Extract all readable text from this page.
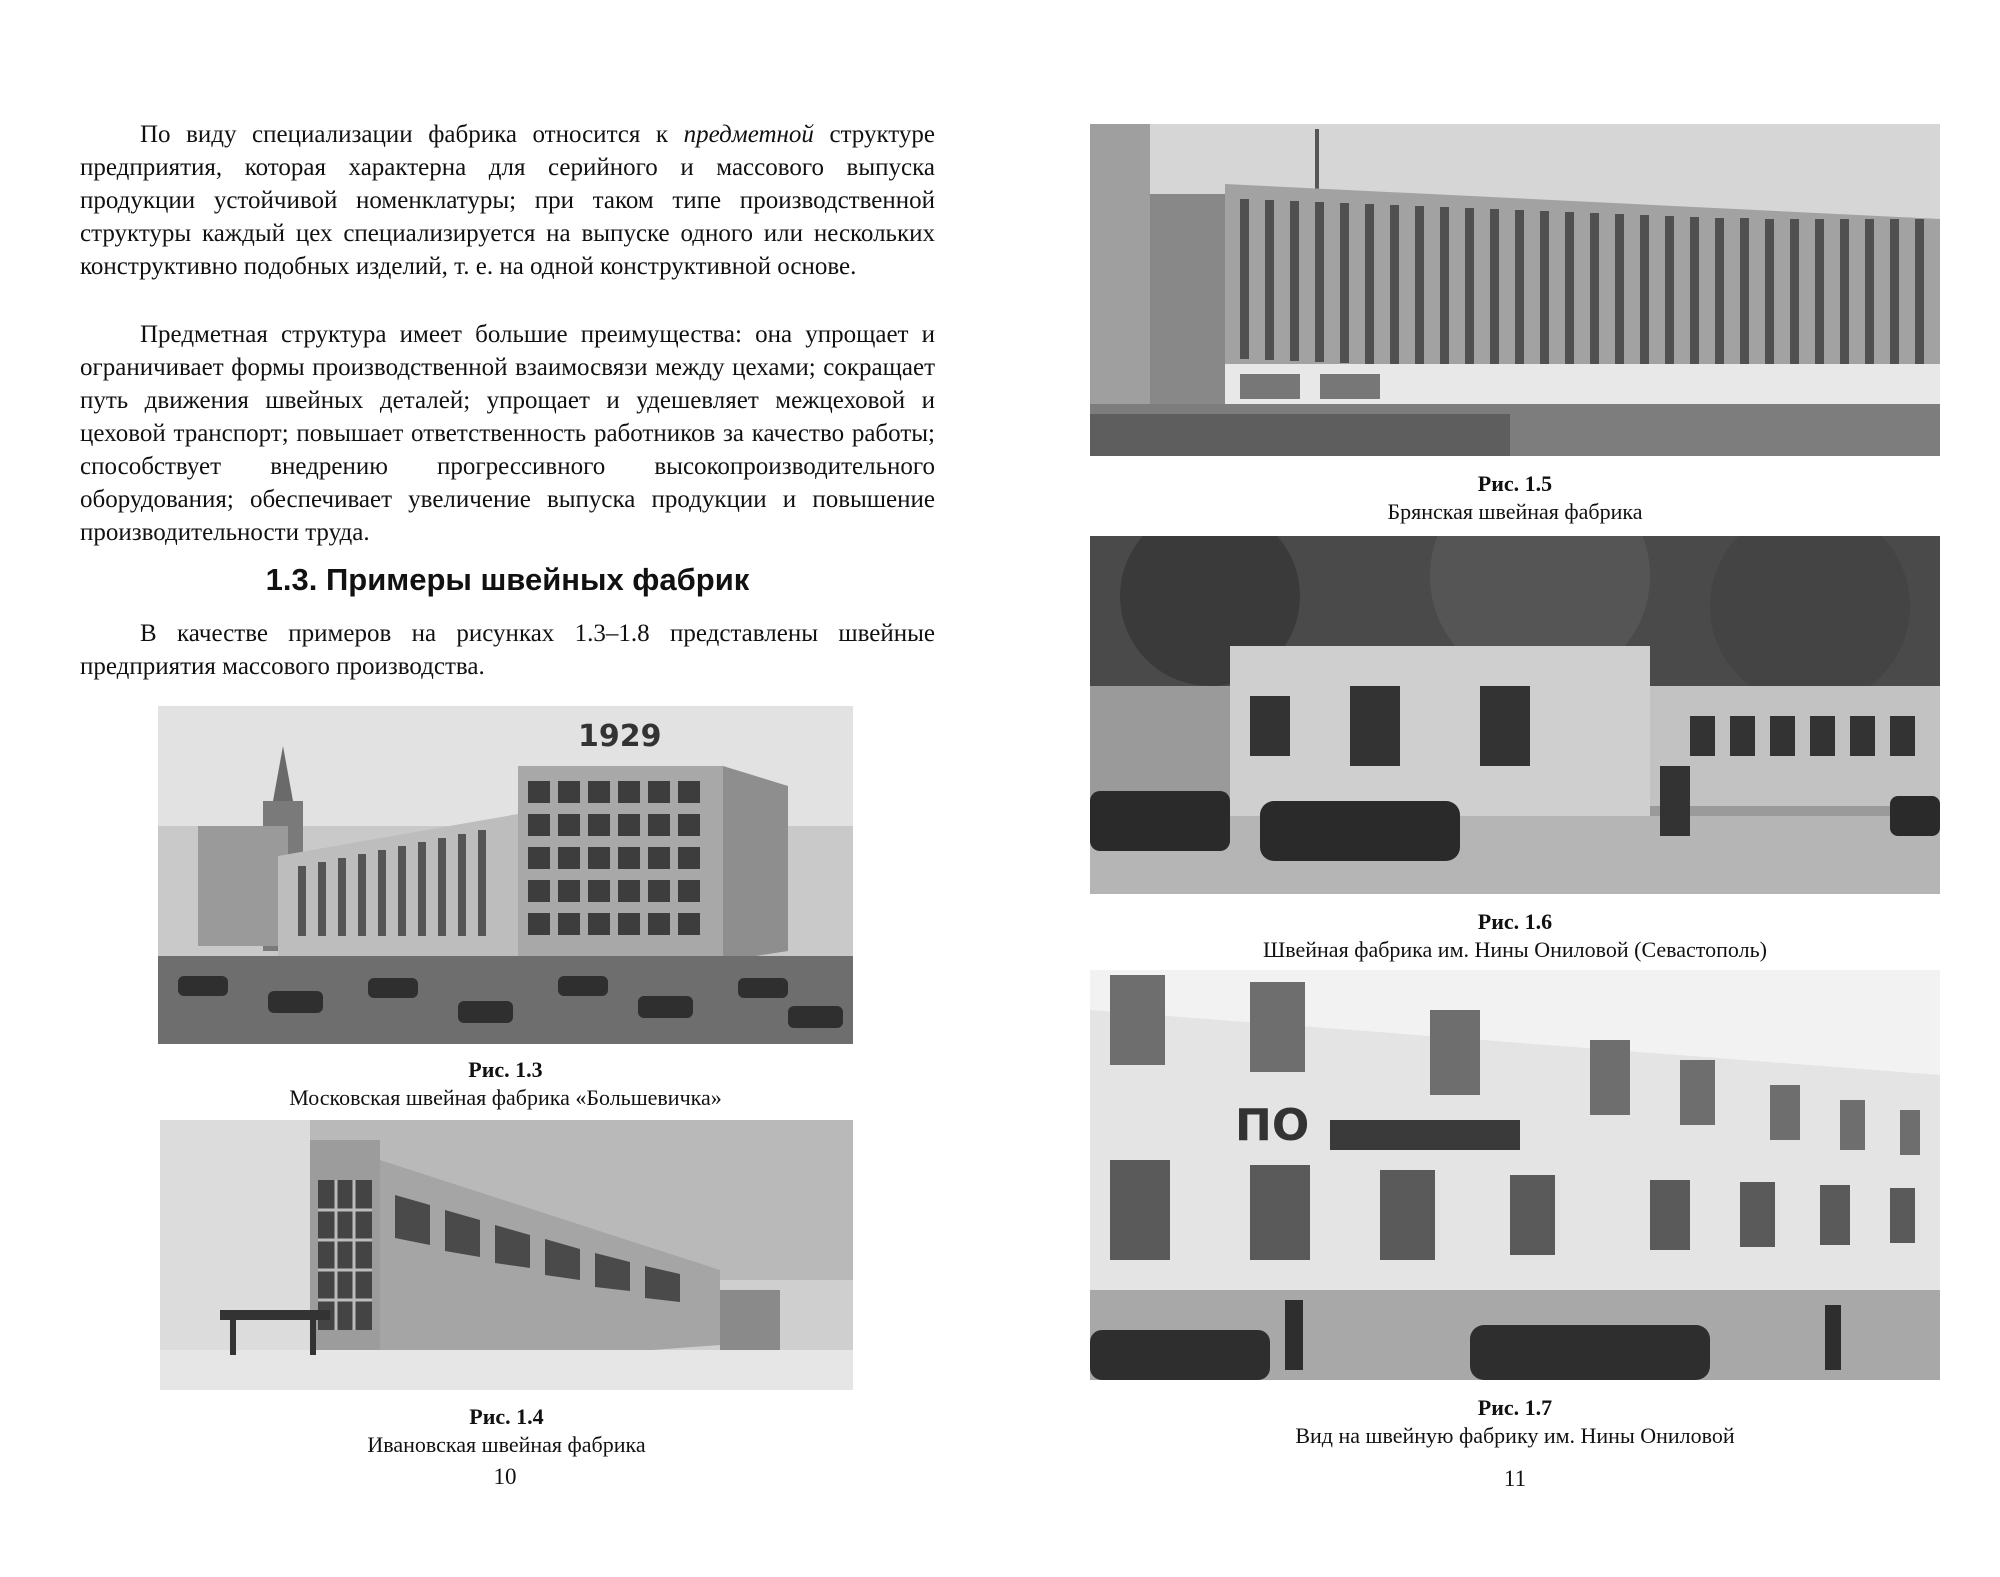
По виду специализации фабрика относится к предметной структуре предприятия, которая характерна для серийного и массового выпуска продукции устойчивой номенклатуры; при таком типе производственной структуры каждый цех специализируется на выпуске одного или нескольких конструктивно подобных изделий, т. е. на одной конструктивной основе.

Предметная структура имеет большие преимущества: она упрощает и ограничивает формы производственной взаимосвязи между цехами; сокращает путь движения швейных деталей; упрощает и удешевляет межцеховой и цеховой транспорт; повышает ответственность работников за качество работы; способствует внедрению прогрессивного высокопроизводительного оборудования; обеспечивает увеличение выпуска продукции и повышение производительности труда.

1.3. Примеры швейных фабрик

В качестве примеров на рисунках 1.3–1.8 представлены швейные предприятия массового производства.

1929
Рис. 1.3
Московская швейная фабрика «Большевичка»
Рис. 1.4
Ивановская швейная фабрика
10
Рис. 1.5
Брянская швейная фабрика
Рис. 1.6
Швейная фабрика им. Нины Ониловой (Севастополь)
ПО
Рис. 1.7
Вид на швейную фабрику им. Нины Ониловой
11
